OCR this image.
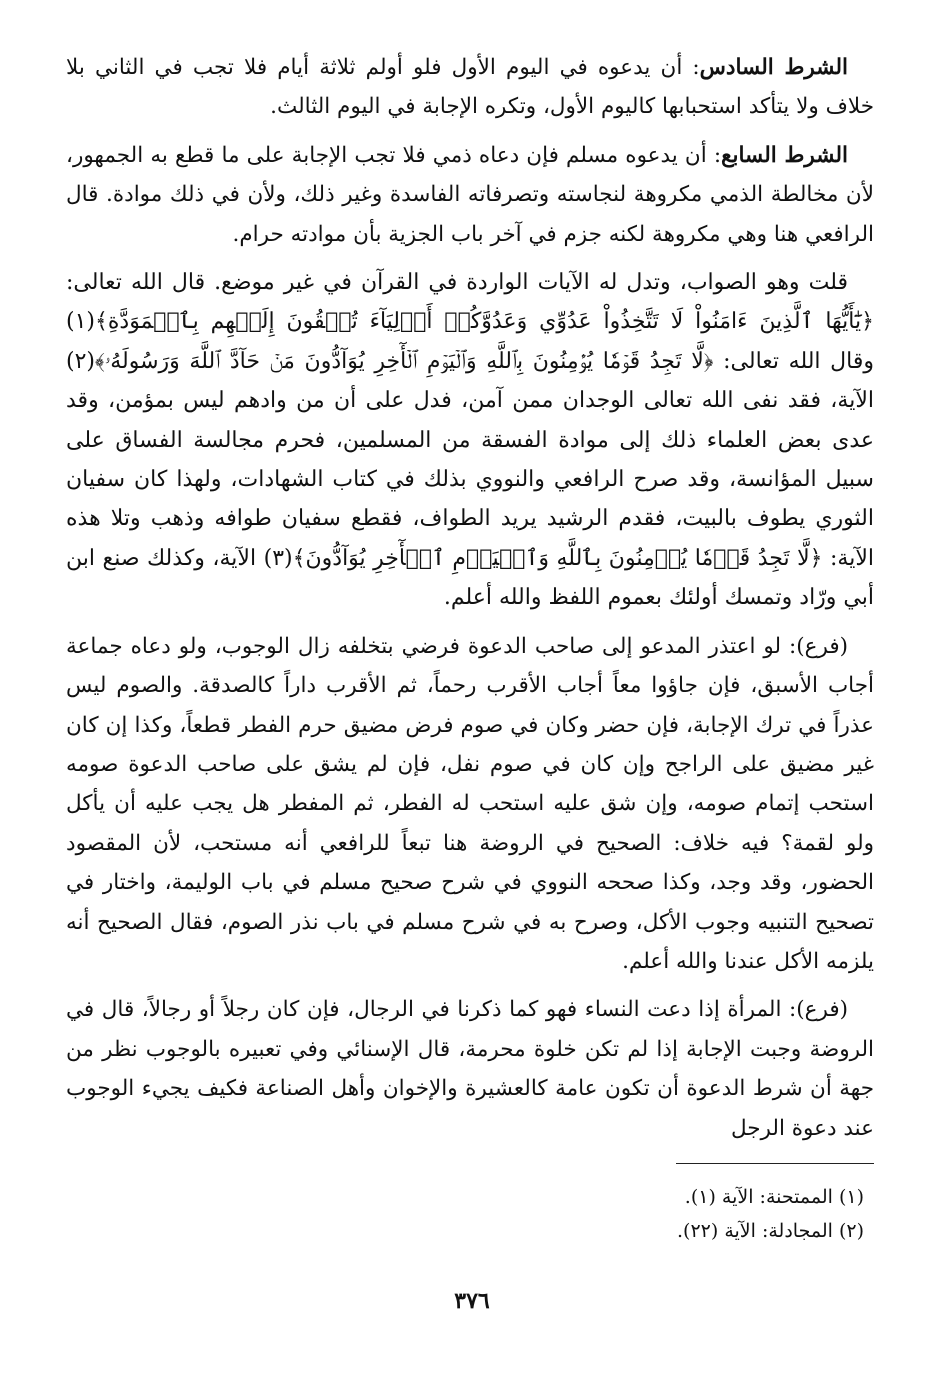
الشرط السادس: أن يدعوه في اليوم الأول فلو أولم ثلاثة أيام فلا تجب في الثاني بلا خلاف ولا يتأكد استحبابها كاليوم الأول، وتكره الإجابة في اليوم الثالث.

الشرط السابع: أن يدعوه مسلم فإن دعاه ذمي فلا تجب الإجابة على ما قطع به الجمهور، لأن مخالطة الذمي مكروهة لنجاسته وتصرفاته الفاسدة وغير ذلك، ولأن في ذلك موادة. قال الرافعي هنا وهي مكروهة لكنه جزم في آخر باب الجزية بأن موادته حرام.

قلت وهو الصواب، وتدل له الآيات الواردة في القرآن في غير موضع. قال الله تعالى: ﴿يَٰٓأَيُّهَا ٱلَّذِينَ ءَامَنُواْ لَا تَتَّخِذُواْ عَدُوِّي وَعَدُوَّكُمۡ أَوۡلِيَآءَ تُلۡقُونَ إِلَيۡهِم بِٱلۡمَوَدَّةِ﴾(١) وقال الله تعالى: ﴿لَّا تَجِدُ قَوۡمٗا يُؤۡمِنُونَ بِٱللَّهِ وَٱلۡيَوۡمِ ٱلۡأٓخِرِ يُوَآدُّونَ مَنۡ حَآدَّ ٱللَّهَ وَرَسُولَهُۥ﴾(٢) الآية، فقد نفى الله تعالى الوجدان ممن آمن، فدل على أن من وادهم ليس بمؤمن، وقد عدى بعض العلماء ذلك إلى موادة الفسقة من المسلمين، فحرم مجالسة الفساق على سبيل المؤانسة، وقد صرح الرافعي والنووي بذلك في كتاب الشهادات، ولهذا كان سفيان الثوري يطوف بالبيت، فقدم الرشيد يريد الطواف، فقطع سفيان طوافه وذهب وتلا هذه الآية: ﴿لَّا تَجِدُ قَوۡمٗا يُؤۡمِنُونَ بِٱللَّهِ وَٱلۡيَوۡمِ ٱلۡأٓخِرِ يُوَآدُّونَ﴾(٣) الآية، وكذلك صنع ابن أبي ورّاد وتمسك أولئك بعموم اللفظ والله أعلم.

(فرع): لو اعتذر المدعو إلى صاحب الدعوة فرضي بتخلفه زال الوجوب، ولو دعاه جماعة أجاب الأسبق، فإن جاؤوا معاً أجاب الأقرب رحماً، ثم الأقرب داراً كالصدقة. والصوم ليس عذراً في ترك الإجابة، فإن حضر وكان في صوم فرض مضيق حرم الفطر قطعاً، وكذا إن كان غير مضيق على الراجح وإن كان في صوم نفل، فإن لم يشق على صاحب الدعوة صومه استحب إتمام صومه، وإن شق عليه استحب له الفطر، ثم المفطر هل يجب عليه أن يأكل ولو لقمة؟ فيه خلاف: الصحيح في الروضة هنا تبعاً للرافعي أنه مستحب، لأن المقصود الحضور، وقد وجد، وكذا صححه النووي في شرح صحيح مسلم في باب الوليمة، واختار في تصحيح التنبيه وجوب الأكل، وصرح به في شرح مسلم في باب نذر الصوم، فقال الصحيح أنه يلزمه الأكل عندنا والله أعلم.

(فرع): المرأة إذا دعت النساء فهو كما ذكرنا في الرجال، فإن كان رجلاً أو رجالاً، قال في الروضة وجبت الإجابة إذا لم تكن خلوة محرمة، قال الإسنائي وفي تعبيره بالوجوب نظر من جهة أن شرط الدعوة أن تكون عامة كالعشيرة والإخوان وأهل الصناعة فكيف يجيء الوجوب عند دعوة الرجل

(١) الممتحنة: الآية (١).
(٢) المجادلة: الآية (٢٢).
٣٧٦
